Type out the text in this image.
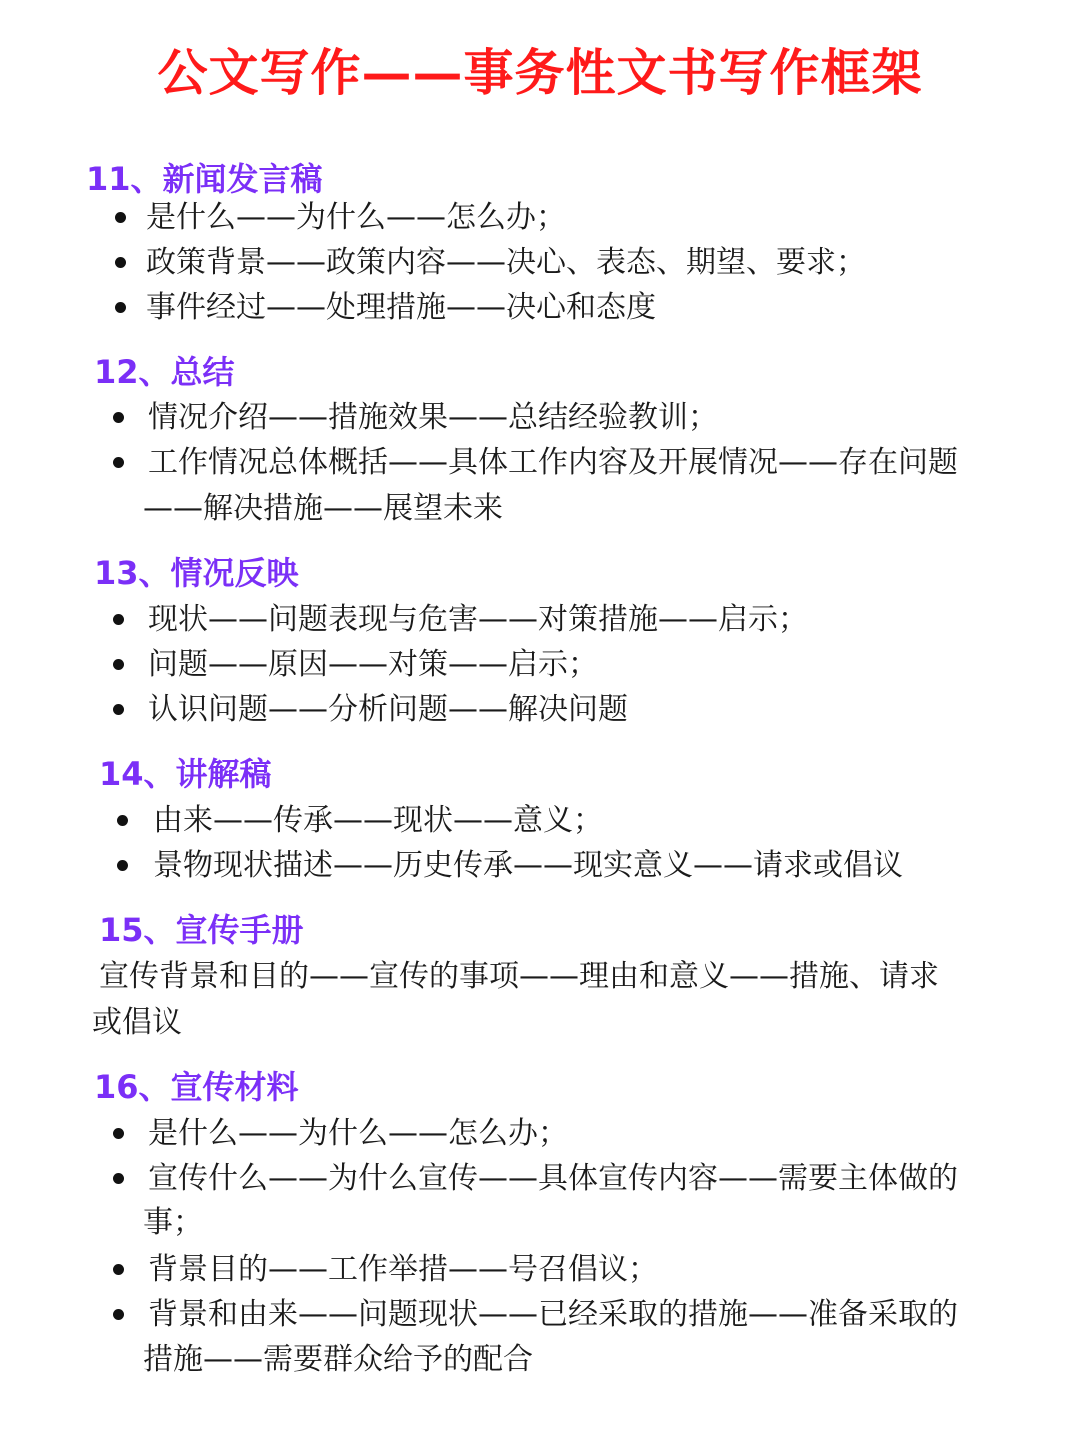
公文写作——事务性文书写作框架
11、新闻发言稿
是什么——为什么——怎么办；
政策背景——政策内容——决心、表态、期望、要求；
事件经过——处理措施——决心和态度
12、总结
情况介绍——措施效果——总结经验教训；
工作情况总体概括——具体工作内容及开展情况——存在问题
——解决措施——展望未来
13、情况反映
现状——问题表现与危害——对策措施——启示；
问题——原因——对策——启示；
认识问题——分析问题——解决问题
14、讲解稿
由来——传承——现状——意义；
景物现状描述——历史传承——现实意义——请求或倡议
15、宣传手册
宣传背景和目的——宣传的事项——理由和意义——措施、请求
或倡议
16、宣传材料
是什么——为什么——怎么办；
宣传什么——为什么宣传——具体宣传内容——需要主体做的
事；
背景目的——工作举措——号召倡议；
背景和由来——问题现状——已经采取的措施——准备采取的
措施——需要群众给予的配合
